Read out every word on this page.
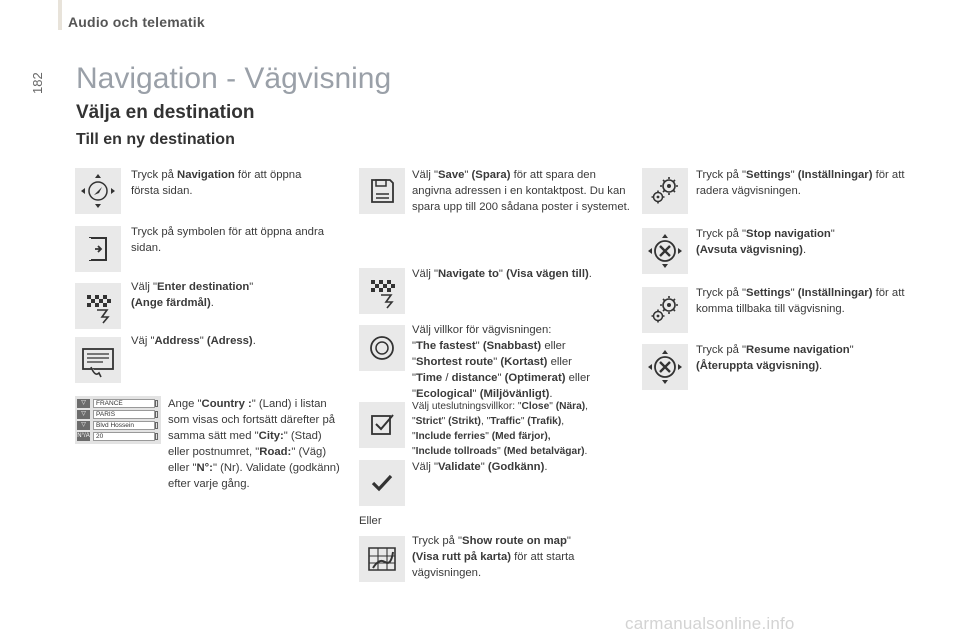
Audio och telematik
182 Navigation - Vägvisning
Välja en destination
Till en ny destination
Tryck på Navigation för att öppna första sidan.
Tryck på symbolen för att öppna andra sidan.
Välj "Enter destination"
(Ange färdmål).
Väj "Address" (Adress).
▽	FRANCE
▽	PARIS
▽	Blvd Hossein
N°/A 20
Ange "Country :" (Land) i listan som visas och fortsätt därefter på samma sätt med "City:" (Stad) eller postnumret, "Road:" (Väg) eller "N°:" (Nr). Validate (godkänn) efter varje gång.
Välj "Save" (Spara) för att spara den angivna adressen i en kontaktpost. Du kan spara upp till 200 sådana poster i systemet.
Välj "Navigate to" (Visa vägen till).
Välj villkor för vägvisningen:
"The fastest" (Snabbast) eller
"Shortest route" (Kortast) eller
"Time / distance" (Optimerat) eller
"Ecological" (Miljövänligt).
Välj uteslutningsvillkor: "Close" (Nära),
"Strict" (Strikt), "Traffic" (Trafik),
"Include ferries" (Med färjor),
"Include tollroads" (Med betalvägar).
Välj "Validate" (Godkänn).
Eller
Tryck på "Show route on map"
(Visa rutt på karta) för att starta vägvisningen.
Tryck på "Settings" (Inställningar) för att radera vägvisningen.
Tryck på "Stop navigation"
(Avsuta vägvisning).
Tryck på "Settings" (Inställningar) för att komma tillbaka till vägvisning.
Tryck på "Resume navigation"
(Återuppta vägvisning).
carmanualsonline.info
